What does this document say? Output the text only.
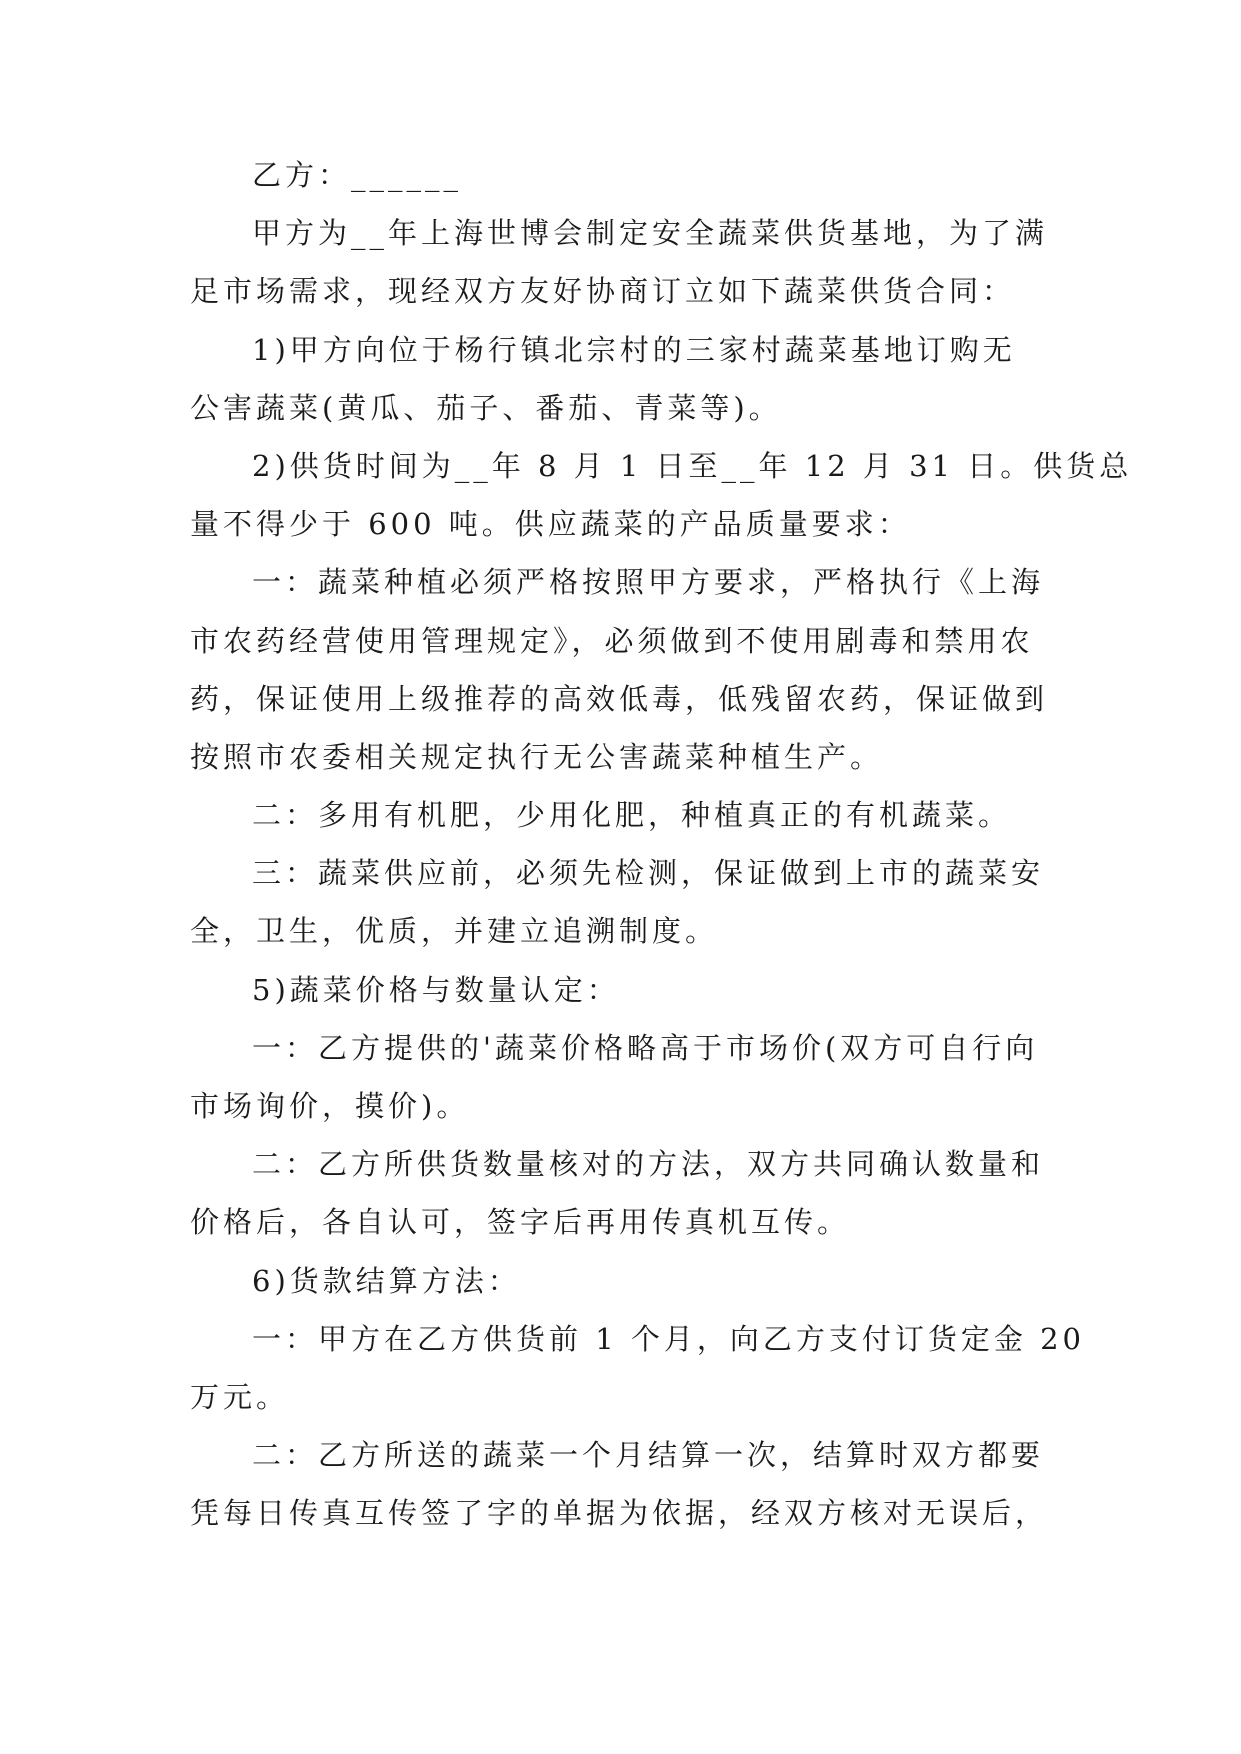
乙方：______
甲方为__年上海世博会制定安全蔬菜供货基地，为了满
足市场需求，现经双方友好协商订立如下蔬菜供货合同：
1)甲方向位于杨行镇北宗村的三家村蔬菜基地订购无
公害蔬菜(黄瓜、茄子、番茄、青菜等)。
2)供货时间为__年 8 月 1 日至__年 12 月 31 日。供货总
量不得少于 600 吨。供应蔬菜的产品质量要求：
一：蔬菜种植必须严格按照甲方要求，严格执行《上海
市农药经营使用管理规定》，必须做到不使用剧毒和禁用农
药，保证使用上级推荐的高效低毒，低残留农药，保证做到
按照市农委相关规定执行无公害蔬菜种植生产。
二：多用有机肥，少用化肥，种植真正的有机蔬菜。
三：蔬菜供应前，必须先检测，保证做到上市的蔬菜安
全，卫生，优质，并建立追溯制度。
5)蔬菜价格与数量认定：
一：乙方提供的'蔬菜价格略高于市场价(双方可自行向
市场询价，摸价)。
二：乙方所供货数量核对的方法，双方共同确认数量和
价格后，各自认可，签字后再用传真机互传。
6)货款结算方法：
一：甲方在乙方供货前 1 个月，向乙方支付订货定金 20
万元。
二：乙方所送的蔬菜一个月结算一次，结算时双方都要
凭每日传真互传签了字的单据为依据，经双方核对无误后，
